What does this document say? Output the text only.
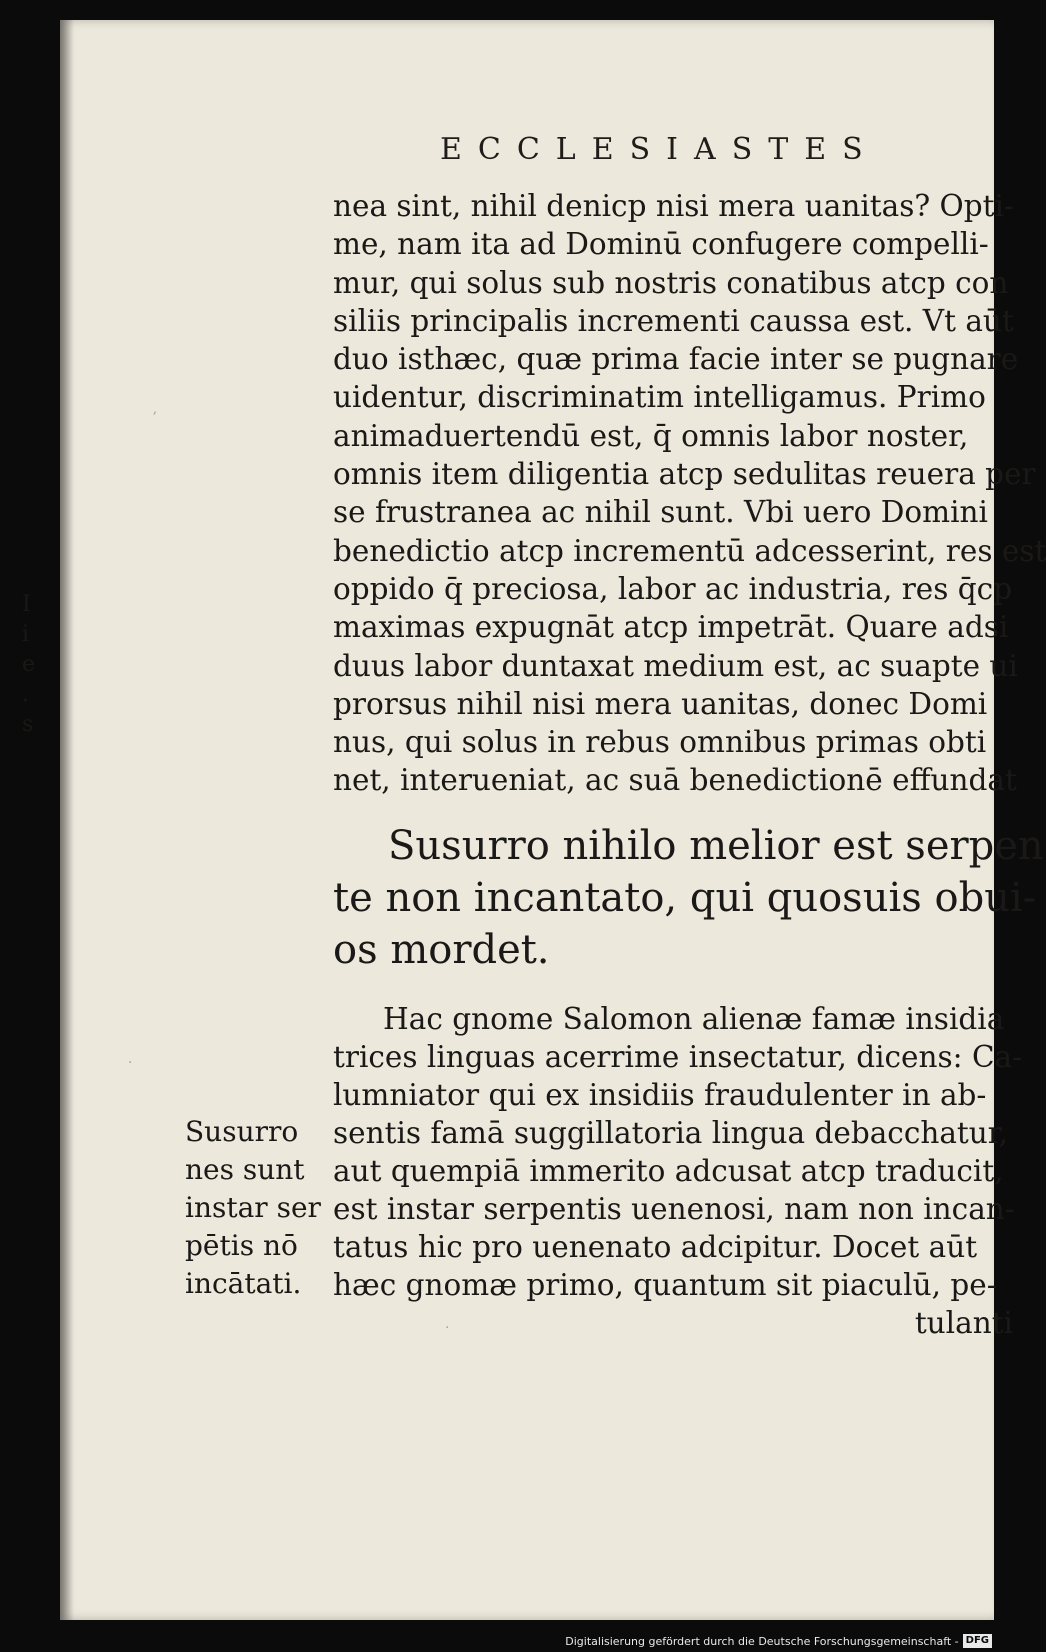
ECCLESIASTES
nea sint, nihil denicp nisi mera uanitas? Opti-
me, nam ita ad Dominū confugere compelli-
mur, qui solus sub nostris conatibus atcp con
siliis principalis incrementi caussa est. Vt aūt
duo isthæc, quæ prima facie inter se pugnare
uidentur, discriminatim intelligamus. Primo
animaduertendū est, q̄ omnis labor noster,
omnis item diligentia atcp sedulitas reuera per
se frustranea ac nihil sunt. Vbi uero Domini
benedictio atcp incrementū adcesserint, res est
oppido q̄ preciosa, labor ac industria, res q̄cp
maximas expugnāt atcp impetrāt. Quare adsi
duus labor duntaxat medium est, ac suapte ui
prorsus nihil nisi mera uanitas, donec Domi
nus, qui solus in rebus omnibus primas obti
net, interueniat, ac suā benedictionē effundat
Susurro nihilo melior est serpen
te non incantato, qui quosuis obui-
os mordet.
Hac gnome Salomon alienæ famæ insidia
trices linguas acerrime insectatur, dicens: Ca-
lumniator qui ex insidiis fraudulenter in ab-
sentis famā suggillatoria lingua debacchatur,
aut quempiā immerito adcusat atcp traducit,
est instar serpentis uenenosi, nam non incan-
tatus hic pro uenenato adcipitur. Docet aūt
hæc gnomæ primo, quantum sit piaculū, pe-
tulanti
Susurro
nes sunt
instar ser
pētis nō
incātati.
ʼ
·
·
I
i
e
.
s
Digitalisierung gefördert durch die Deutsche Forschungsgemeinschaft - DFG
